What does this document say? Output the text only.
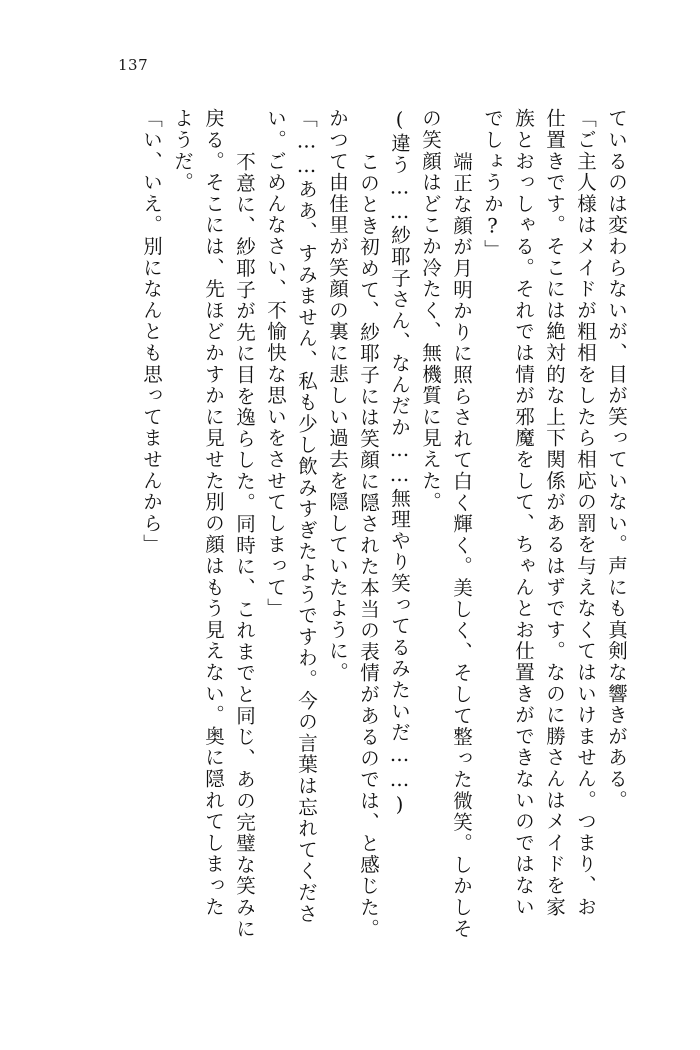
137
ているのは変わらないが、目が笑っていない。声にも真剣な響きがある。
「ご主人様はメイドが粗相をしたら相応の罰を与えなくてはいけません。つまり、お
仕置きです。そこには絶対的な上下関係があるはずです。なのに勝さんはメイドを家
族とおっしゃる。それでは情が邪魔をして、ちゃんとお仕置きができないのではない
でしょうか?」
　端正な顔が月明かりに照らされて白く輝く。美しく、そして整った微笑。しかしそ
の笑顔はどこか冷たく、無機質に見えた。
(違う……紗耶子さん、なんだか……無理やり笑ってるみたいだ……)
　このとき初めて、紗耶子には笑顔に隠された本当の表情があるのでは、と感じた。
かつて由佳里が笑顔の裏に悲しい過去を隠していたように。
「……ああ、すみません、私も少し飲みすぎたようですわ。今の言葉は忘れてくださ
い。ごめんなさい、不愉快な思いをさせてしまって」
　不意に、紗耶子が先に目を逸らした。同時に、これまでと同じ、あの完璧な笑みに
戻る。そこには、先ほどかすかに見せた別の顔はもう見えない。奥に隠れてしまった
ようだ。
「い、いえ。別になんとも思ってませんから」
